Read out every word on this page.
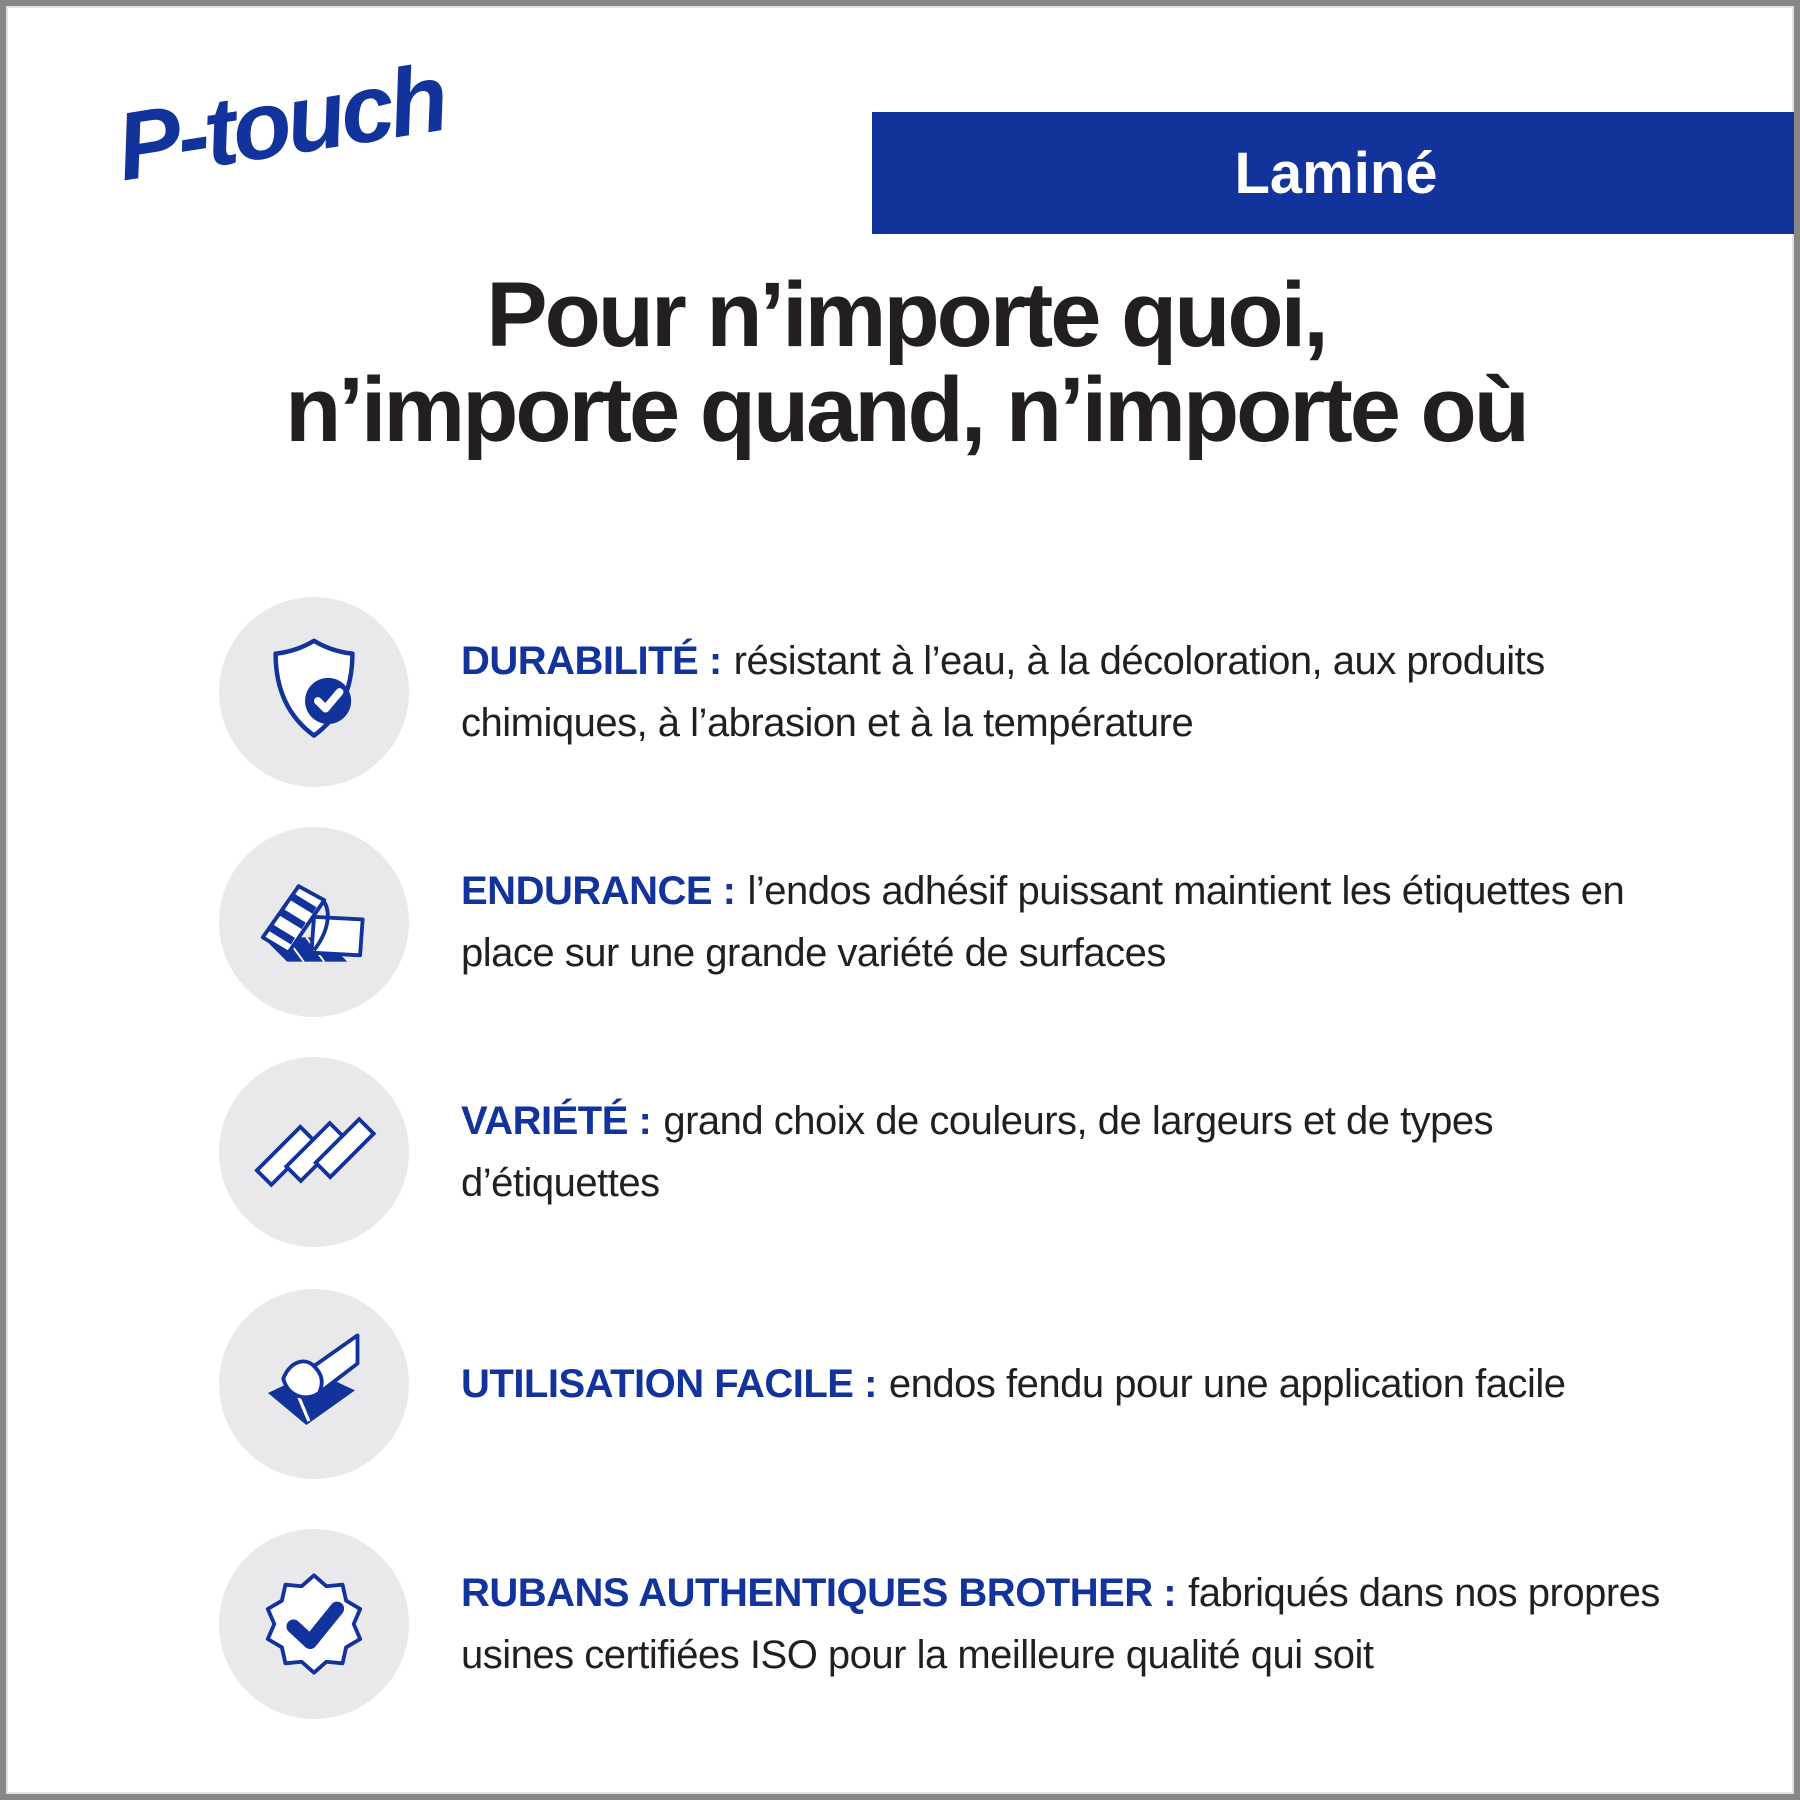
P-touch	Laminé
Pour n’importe quoi,
n’importe quand, n’importe où
DURABILITÉ : résistant à l’eau, à la décoloration, aux produits chimiques, à l’abrasion et à la température
ENDURANCE : l’endos adhésif puissant maintient les étiquettes en place sur une grande variété de surfaces
VARIÉTÉ : grand choix de couleurs, de largeurs et de types d’étiquettes
UTILISATION FACILE : endos fendu pour une application facile
RUBANS AUTHENTIQUES BROTHER : fabriqués dans nos propres usines certifiées ISO pour la meilleure qualité qui soit
